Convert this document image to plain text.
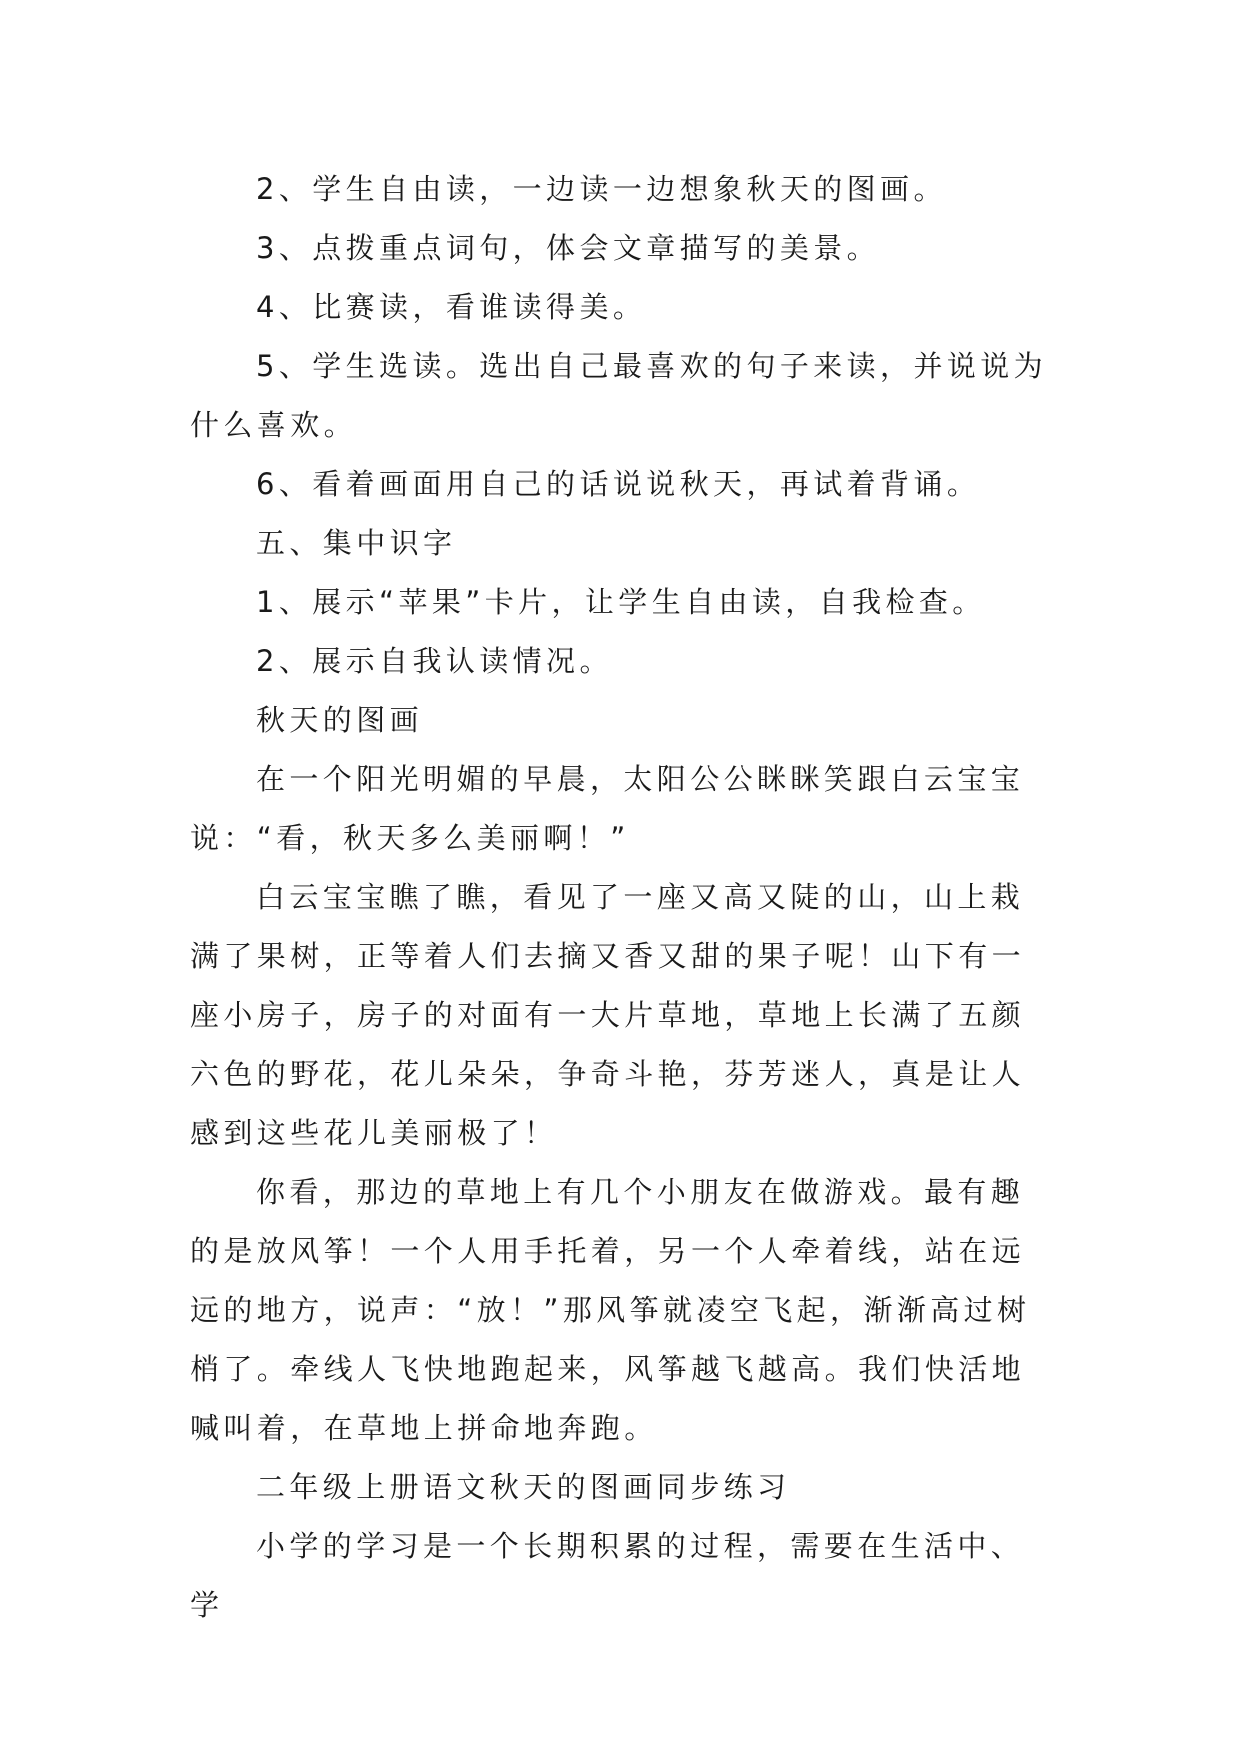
2、学生自由读，一边读一边想象秋天的图画。

3、点拨重点词句，体会文章描写的美景。

4、比赛读，看谁读得美。

5、学生选读。选出自己最喜欢的句子来读，并说说为什么喜欢。

6、看着画面用自己的话说说秋天，再试着背诵。

五、集中识字

1、展示“苹果”卡片，让学生自由读，自我检查。

2、展示自我认读情况。

秋天的图画

在一个阳光明媚的早晨，太阳公公眯眯笑跟白云宝宝说：“看，秋天多么美丽啊！”

白云宝宝瞧了瞧，看见了一座又高又陡的山，山上栽满了果树，正等着人们去摘又香又甜的果子呢！山下有一座小房子，房子的对面有一大片草地，草地上长满了五颜六色的野花，花儿朵朵，争奇斗艳，芬芳迷人，真是让人感到这些花儿美丽极了！

你看，那边的草地上有几个小朋友在做游戏。最有趣的是放风筝！一个人用手托着，另一个人牵着线，站在远远的地方，说声：“放！”那风筝就凌空飞起，渐渐高过树梢了。牵线人飞快地跑起来，风筝越飞越高。我们快活地喊叫着，在草地上拼命地奔跑。

二年级上册语文秋天的图画同步练习

小学的学习是一个长期积累的过程，需要在生活中、学
